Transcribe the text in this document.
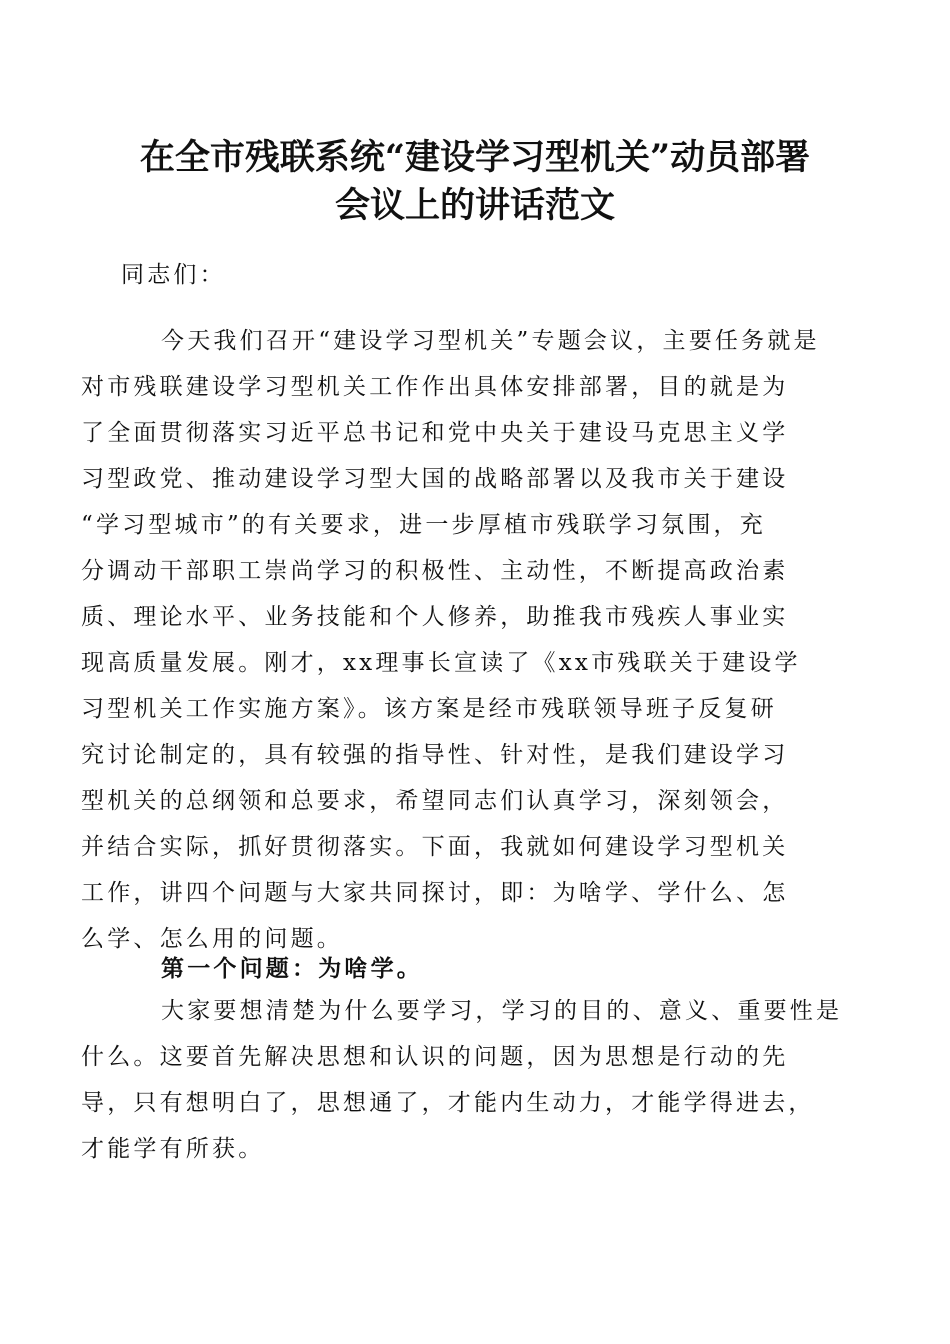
在全市残联系统“建设学习型机关”动员部署
会议上的讲话范文
同志们：
今天我们召开“建设学习型机关”专题会议，主要任务就是
对市残联建设学习型机关工作作出具体安排部署，目的就是为
了全面贯彻落实习近平总书记和党中央关于建设马克思主义学
习型政党、推动建设学习型大国的战略部署以及我市关于建设
“学习型城市”的有关要求，进一步厚植市残联学习氛围，充
分调动干部职工崇尚学习的积极性、主动性，不断提高政治素
质、理论水平、业务技能和个人修养，助推我市残疾人事业实
现高质量发展。刚才，xx理事长宣读了《xx市残联关于建设学
习型机关工作实施方案》。该方案是经市残联领导班子反复研
究讨论制定的，具有较强的指导性、针对性，是我们建设学习
型机关的总纲领和总要求，希望同志们认真学习，深刻领会，
并结合实际，抓好贯彻落实。下面，我就如何建设学习型机关
工作，讲四个问题与大家共同探讨，即：为啥学、学什么、怎
么学、怎么用的问题。
第一个问题：为啥学。
大家要想清楚为什么要学习，学习的目的、意义、重要性是
什么。这要首先解决思想和认识的问题，因为思想是行动的先
导，只有想明白了，思想通了，才能内生动力，才能学得进去，
才能学有所获。
